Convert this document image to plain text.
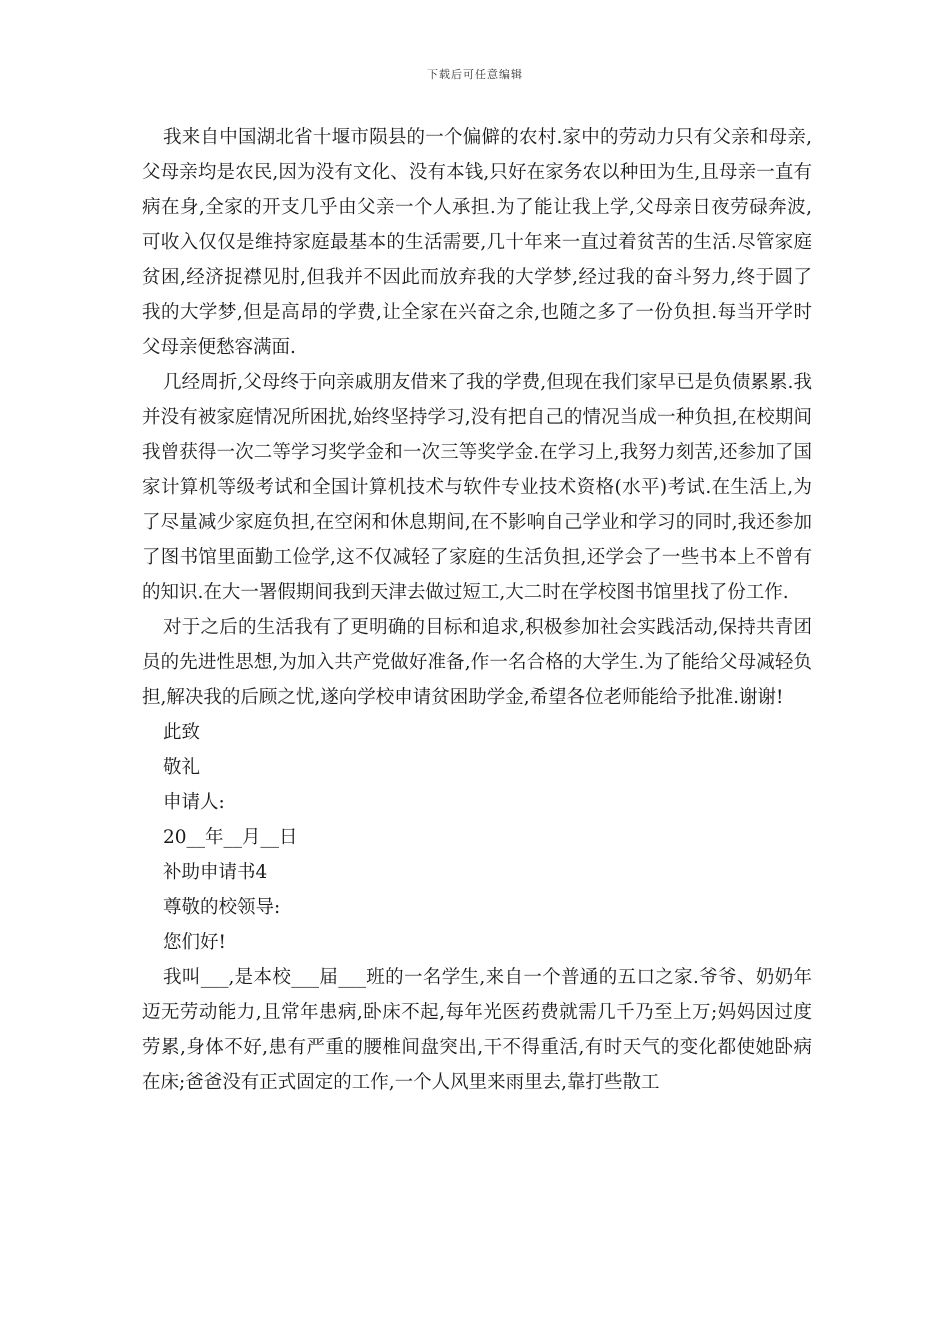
下载后可任意编辑

我来自中国湖北省十堰市陨县的一个偏僻的农村.家中的劳动力只有父亲和母亲,父母亲均是农民,因为没有文化、没有本钱,只好在家务农以种田为生,且母亲一直有病在身,全家的开支几乎由父亲一个人承担.为了能让我上学,父母亲日夜劳碌奔波,可收入仅仅是维持家庭最基本的生活需要,几十年来一直过着贫苦的生活.尽管家庭贫困,经济捉襟见肘,但我并不因此而放弃我的大学梦,经过我的奋斗努力,终于圆了我的大学梦,但是高昂的学费,让全家在兴奋之余,也随之多了一份负担.每当开学时父母亲便愁容满面.

几经周折,父母终于向亲戚朋友借来了我的学费,但现在我们家早已是负债累累.我并没有被家庭情况所困扰,始终坚持学习,没有把自己的情况当成一种负担,在校期间我曾获得一次二等学习奖学金和一次三等奖学金.在学习上,我努力刻苦,还参加了国家计算机等级考试和全国计算机技术与软件专业技术资格(水平)考试.在生活上,为了尽量减少家庭负担,在空闲和休息期间,在不影响自己学业和学习的同时,我还参加了图书馆里面勤工俭学,这不仅减轻了家庭的生活负担,还学会了一些书本上不曾有的知识.在大一署假期间我到天津去做过短工,大二时在学校图书馆里找了份工作.

对于之后的生活我有了更明确的目标和追求,积极参加社会实践活动,保持共青团员的先进性思想,为加入共产党做好准备,作一名合格的大学生.为了能给父母减轻负担,解决我的后顾之忧,遂向学校申请贫困助学金,希望各位老师能给予批准.谢谢!

此致

敬礼

申请人:

20__年__月__日

补助申请书4

尊敬的校领导:

您们好!

我叫___,是本校___届___班的一名学生,来自一个普通的五口之家.爷爷、奶奶年迈无劳动能力,且常年患病,卧床不起,每年光医药费就需几千乃至上万;妈妈因过度劳累,身体不好,患有严重的腰椎间盘突出,干不得重活,有时天气的变化都使她卧病在床;爸爸没有正式固定的工作,一个人风里来雨里去,靠打些散工
